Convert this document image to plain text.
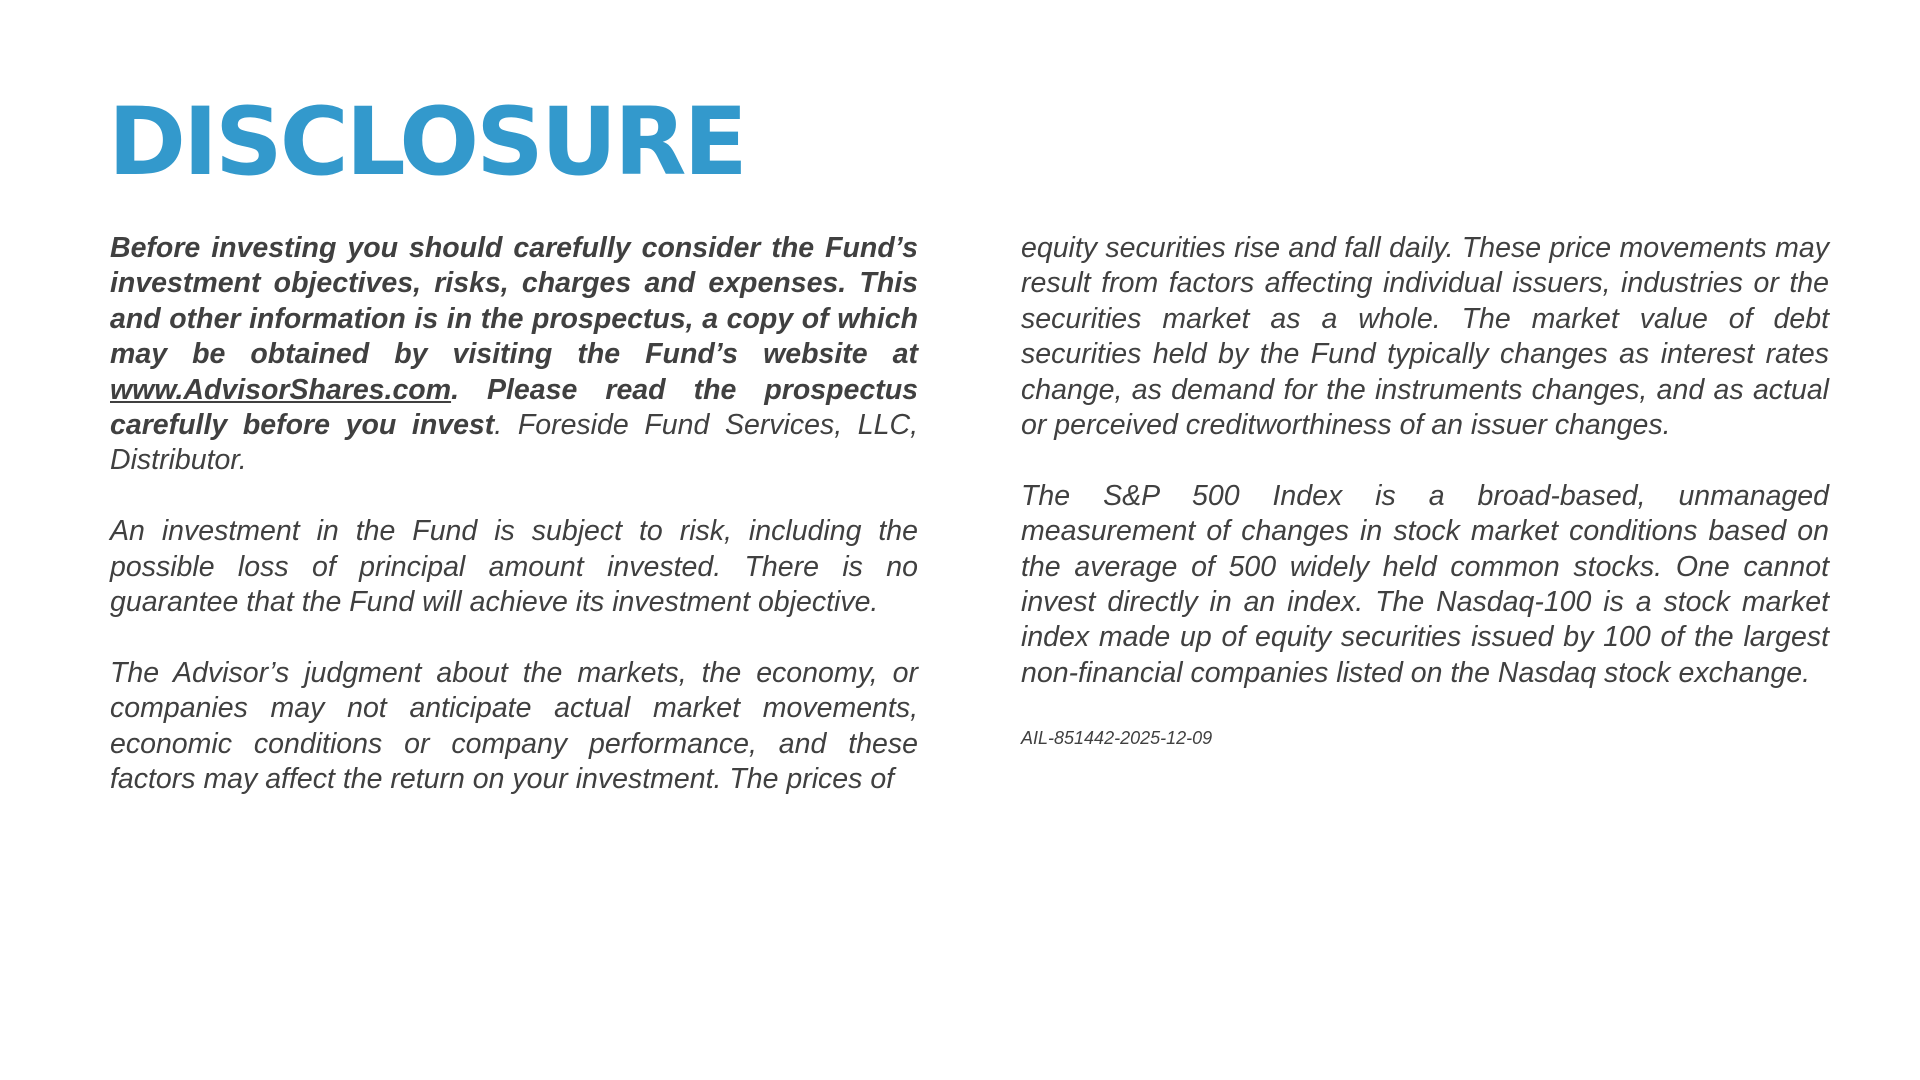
DISCLOSURE

Before investing you should carefully consider the Fund’s investment objectives, risks, charges and expenses. This and other information is in the prospectus, a copy of which may be obtained by visiting the Fund’s website at www.AdvisorShares.com. Please read the prospectus carefully before you invest. Foreside Fund Services, LLC, Distributor.

An investment in the Fund is subject to risk, including the possible loss of principal amount invested. There is no guarantee that the Fund will achieve its investment objective.

The Advisor’s judgment about the markets, the economy, or companies may not anticipate actual market movements, economic conditions or company performance, and these factors may affect the return on your investment. The prices of

equity securities rise and fall daily. These price movements may result from factors affecting individual issuers, industries or the securities market as a whole. The market value of debt securities held by the Fund typically changes as interest rates change, as demand for the instruments changes, and as actual or perceived creditworthiness of an issuer changes.

The S&P 500 Index is a broad-based, unmanaged measurement of changes in stock market conditions based on the average of 500 widely held common stocks. One cannot invest directly in an index. The Nasdaq-100 is a stock market index made up of equity securities issued by 100 of the largest non-financial companies listed on the Nasdaq stock exchange.

AIL-851442-2025-12-09
